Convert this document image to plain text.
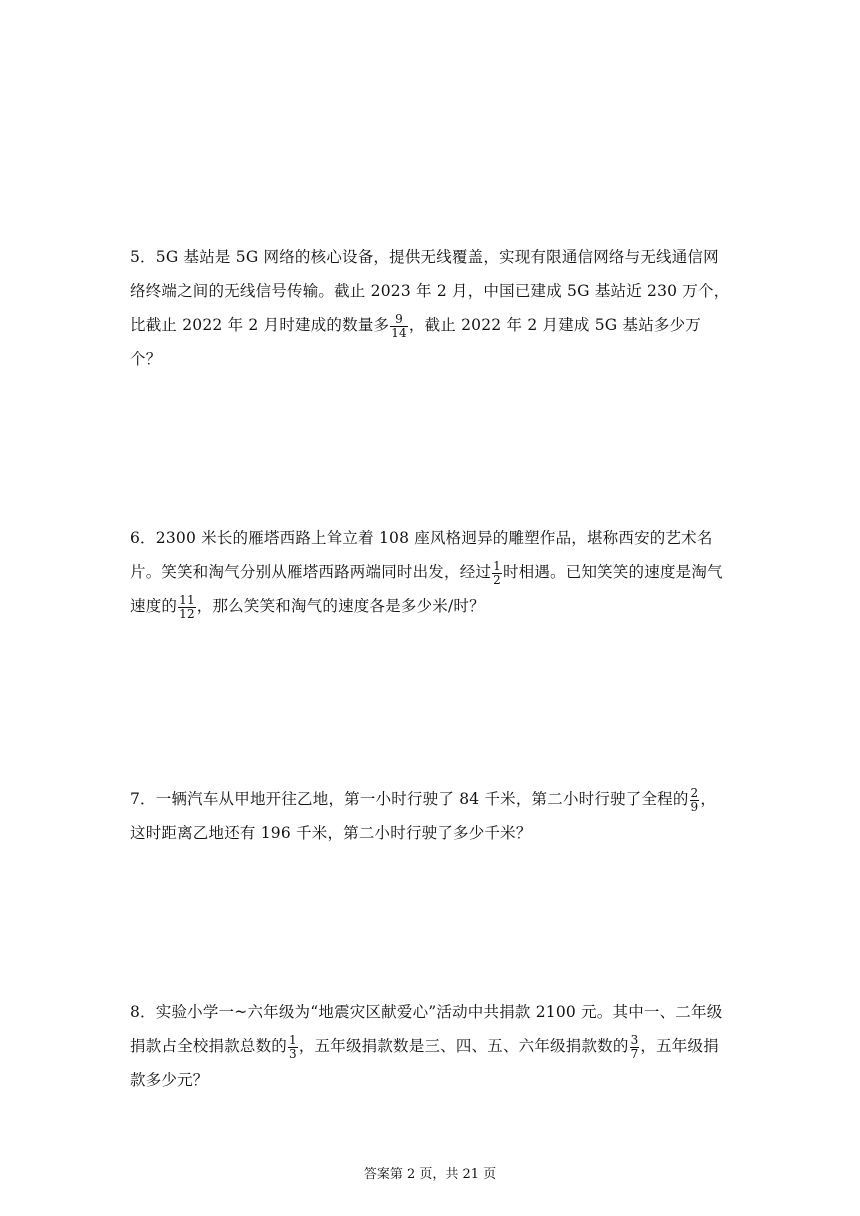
5．5G 基站是 5G 网络的核心设备，提供无线覆盖，实现有限通信网络与无线通信网络终端之间的无线信号传输。截止 2023 年 2 月，中国已建成 5G 基站近 230 万个，比截止 2022 年 2 月时建成的数量多 $\frac{9}{14}$ ，截止 2022 年 2 月建成 5G 基站多少万个？

6．2300 米长的雁塔西路上耸立着 108 座风格迥异的雕塑作品，堪称西安的艺术名片。笑笑和淘气分别从雁塔西路两端同时出发，经过 $\frac{1}{2}$ 时相遇。已知笑笑的速度是淘气速度的 $\frac{11}{12}$ ，那么笑笑和淘气的速度各是多少米/时？

7．一辆汽车从甲地开往乙地，第一小时行驶了 84 千米，第二小时行驶了全程的 $\frac{2}{9}$ ，这时距离乙地还有 196 千米，第二小时行驶了多少千米？

8．实验小学一~六年级为“地震灾区献爱心”活动中共捐款 2100 元。其中一、二年级捐款占全校捐款总数的 $\frac{1}{3}$ ，五年级捐款数是三、四、五、六年级捐款数的 $\frac{3}{7}$ ，五年级捐款多少元？

答案第 2 页，共 21 页
